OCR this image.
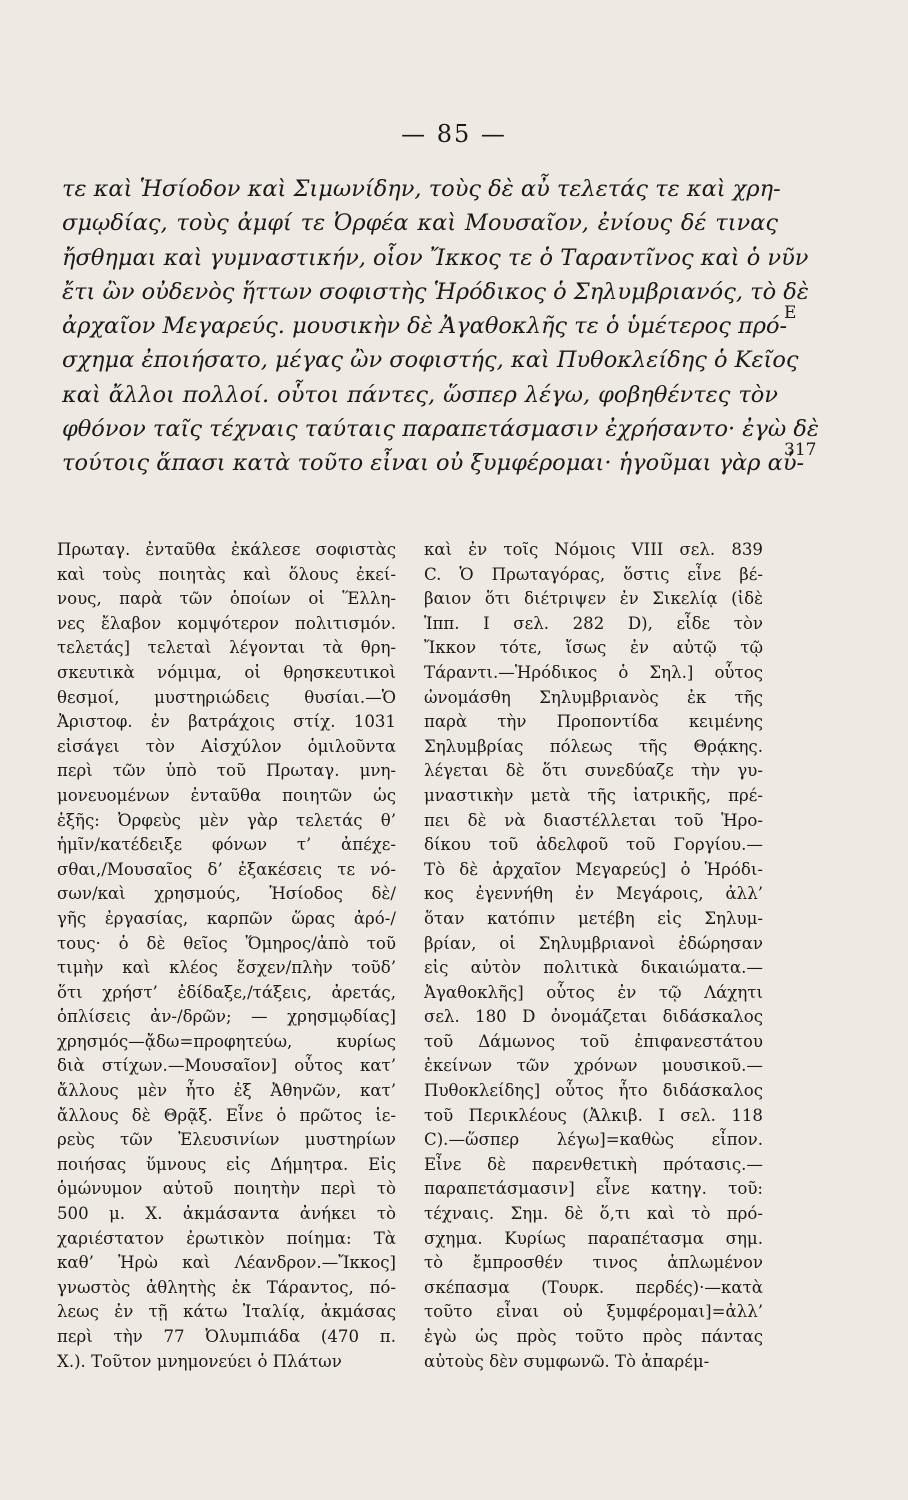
— 85 —
τε καὶ Ἡσίοδον καὶ Σιμωνίδην, τοὺς δὲ αὖ τελετάς τε καὶ χρη-
σμῳδίας, τοὺς ἀμφί τε Ὀρφέα καὶ Μουσαῖον, ἐνίους δέ τινας
ἤσθημαι καὶ γυμναστικήν, οἷον Ἴκκος τε ὁ Ταραντῖνος καὶ ὁ νῦν
ἔτι ὢν οὐδενὸς ἥττων σοφιστὴς Ἡρόδικος ὁ Σηλυμβριανός, τὸ δὲ
ἀρχαῖον Μεγαρεύς. μουσικὴν δὲ Ἀγαθοκλῆς τε ὁ ὑμέτερος πρό-
σχημα ἐποιήσατο, μέγας ὢν σοφιστής, καὶ Πυθοκλείδης ὁ Κεῖος
καὶ ἄλλοι πολλοί. οὗτοι πάντες, ὥσπερ λέγω, φοβηθέντες τὸν
φθόνον ταῖς τέχναις ταύταις παραπετάσμασιν ἐχρήσαντο· ἐγὼ δὲ
τούτοις ἅπασι κατὰ τοῦτο εἶναι οὐ ξυμφέρομαι· ἡγοῦμαι γὰρ αὐ-
E
317
Πρωταγ. ἐνταῦθα ἐκάλεσε σοφιστὰς
καὶ τοὺς ποιητὰς καὶ ὅλους ἐκεί-
νους, παρὰ τῶν ὁποίων οἱ Ἕλλη-
νες ἔλαβον κομψότερον πολιτισμόν.
τελετάς] τελεταὶ λέγονται τὰ θρη-
σκευτικὰ νόμιμα, οἱ θρησκευτικοὶ
θεσμοί, μυστηριώδεις θυσίαι.—Ὁ
Ἀριστοφ. ἐν βατράχοις στίχ. 1031
εἰσάγει τὸν Αἰσχύλον ὁμιλοῦντα
περὶ τῶν ὑπὸ τοῦ Πρωταγ. μνη-
μονευομένων ἐνταῦθα ποιητῶν ὡς
ἑξῆς: Ὀρφεὺς μὲν γὰρ τελετάς θ’
ἡμῖν/κατέδειξε φόνων τ’ ἀπέχε-
σθαι,/Μουσαῖος δ’ ἐξακέσεις τε νό-
σων/καὶ χρησμούς, Ἡσίοδος δὲ/
γῆς ἐργασίας, καρπῶν ὥρας ἀρό-/
τους· ὁ δὲ θεῖος Ὅμηρος/ἀπὸ τοῦ
τιμὴν καὶ κλέος ἔσχεν/πλὴν τοῦδ’
ὅτι χρήστ’ ἐδίδαξε,/τάξεις, ἀρετάς,
ὁπλίσεις ἀν-/δρῶν; — χρησμῳδίας]
χρησμός—ᾄδω=προφητεύω, κυρίως
διὰ στίχων.—Μουσαῖον] οὗτος κατ’
ἄλλους μὲν ἦτο ἐξ Ἀθηνῶν, κατ’
ἄλλους δὲ Θρᾷξ. Εἶνε ὁ πρῶτος ἱε-
ρεὺς τῶν Ἐλευσινίων μυστηρίων
ποιήσας ὕμνους εἰς Δήμητρα. Εἰς
ὁμώνυμον αὐτοῦ ποιητὴν περὶ τὸ
500 μ. Χ. ἀκμάσαντα ἀνήκει τὸ
χαριέστατον ἐρωτικὸν ποίημα: Τὰ
καθ’ Ἡρὼ καὶ Λέανδρον.—Ἴκκος]
γνωστὸς ἀθλητὴς ἐκ Τάραντος, πό-
λεως ἐν τῇ κάτω Ἰταλίᾳ, ἀκμάσας
περὶ τὴν 77 Ὀλυμπιάδα (470 π.
Χ.). Τοῦτον μνημονεύει ὁ Πλάτων
καὶ ἐν τοῖς Νόμοις VIII σελ. 839
C. Ὁ Πρωταγόρας, ὅστις εἶνε βέ-
βαιον ὅτι διέτριψεν ἐν Σικελίᾳ (ἰδὲ
Ἱππ. Ι σελ. 282 D), εἶδε τὸν
Ἴκκον τότε, ἴσως ἐν αὐτῷ τῷ
Τάραντι.—Ἡρόδικος ὁ Σηλ.] οὗτος
ὠνομάσθη Σηλυμβριανὸς ἐκ τῆς
παρὰ τὴν Προποντίδα κειμένης
Σηλυμβρίας πόλεως τῆς Θρᾴκης.
λέγεται δὲ ὅτι συνεδύαζε τὴν γυ-
μναστικὴν μετὰ τῆς ἰατρικῆς, πρέ-
πει δὲ νὰ διαστέλλεται τοῦ Ἡρο-
δίκου τοῦ ἀδελφοῦ τοῦ Γοργίου.—
Τὸ δὲ ἀρχαῖον Μεγαρεύς] ὁ Ἡρόδι-
κος ἐγεννήθη ἐν Μεγάροις, ἀλλ’
ὅταν κατόπιν μετέβη εἰς Σηλυμ-
βρίαν, οἱ Σηλυμβριανοὶ ἐδώρησαν
εἰς αὐτὸν πολιτικὰ δικαιώματα.—
Ἀγαθοκλῆς] οὗτος ἐν τῷ Λάχητι
σελ. 180 D ὀνομάζεται διδάσκαλος
τοῦ Δάμωνος τοῦ ἐπιφανεστάτου
ἐκείνων τῶν χρόνων μουσικοῦ.—
Πυθοκλείδης] οὗτος ἦτο διδάσκαλος
τοῦ Περικλέους (Ἀλκιβ. Ι σελ. 118
C).—ὥσπερ λέγω]=καθὼς εἶπον.
Εἶνε δὲ παρενθετικὴ πρότασις.—
παραπετάσμασιν] εἶνε κατηγ. τοῦ:
τέχναις. Σημ. δὲ ὅ,τι καὶ τὸ πρό-
σχημα. Κυρίως παραπέτασμα σημ.
τὸ ἔμπροσθέν τινος ἁπλωμένον
σκέπασμα (Τουρκ. περδές)·—κατὰ
τοῦτο εἶναι οὐ ξυμφέρομαι]=ἀλλ’
ἐγὼ ὡς πρὸς τοῦτο πρὸς πάντας
αὐτοὺς δὲν συμφωνῶ. Τὸ ἀπαρέμ-
